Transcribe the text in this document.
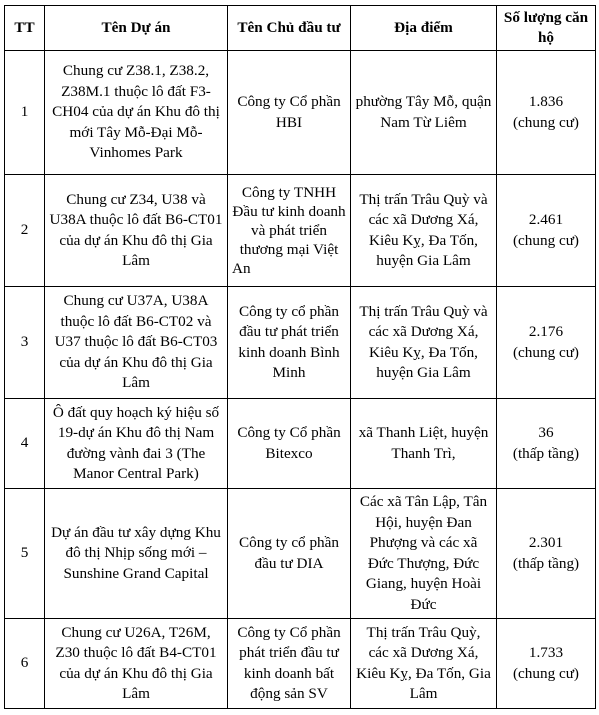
TT	Tên Dự án	Tên Chủ đầu tư	Địa điểm	Số lượng căn hộ
1	Chung cư Z38.1, Z38.2, Z38M.1 thuộc lô đất F3-CH04 của dự án Khu đô thị mới Tây Mỗ-Đại Mỗ-Vinhomes Park	Công ty Cổ phần HBI	phường Tây Mỗ, quận Nam Từ Liêm	1.836
(chung cư)

2	Chung cư Z34, U38 và U38A thuộc lô đất B6-CT01 của dự án Khu đô thị Gia Lâm	Công ty TNHH Đầu tư kinh doanh và phát triển thương mại Việt An	Thị trấn Trâu Quỳ và các xã Dương Xá, Kiêu Kỵ, Đa Tốn, huyện Gia Lâm	2.461
(chung cư)

3	Chung cư U37A, U38A thuộc lô đất B6-CT02 và U37 thuộc lô đất B6-CT03 của dự án Khu đô thị Gia Lâm	Công ty cổ phần đầu tư phát triển kinh doanh Bình Minh	Thị trấn Trâu Quỳ và các xã Dương Xá, Kiêu Kỵ, Đa Tốn, huyện Gia Lâm	2.176
(chung cư)

4	Ô đất quy hoạch ký hiệu số 19-dự án Khu đô thị Nam đường vành đai 3 (The Manor Central Park)	Công ty Cổ phần Bitexco	xã Thanh Liệt, huyện Thanh Trì,	36
(thấp tầng)

5	Dự án đầu tư xây dựng Khu đô thị Nhịp sống mới – Sunshine Grand Capital	Công ty cổ phần đầu tư DIA	Các xã Tân Lập, Tân Hội, huyện Đan Phượng và các xã Đức Thượng, Đức Giang, huyện Hoài Đức	2.301
(thấp tầng)

6	Chung cư U26A, T26M, Z30 thuộc lô đất B4-CT01 của dự án Khu đô thị Gia Lâm	Công ty Cổ phần phát triển đầu tư kinh doanh bất động sản SV	Thị trấn Trâu Quỳ, các xã Dương Xá, Kiêu Kỵ, Đa Tốn, Gia Lâm	1.733
(chung cư)
